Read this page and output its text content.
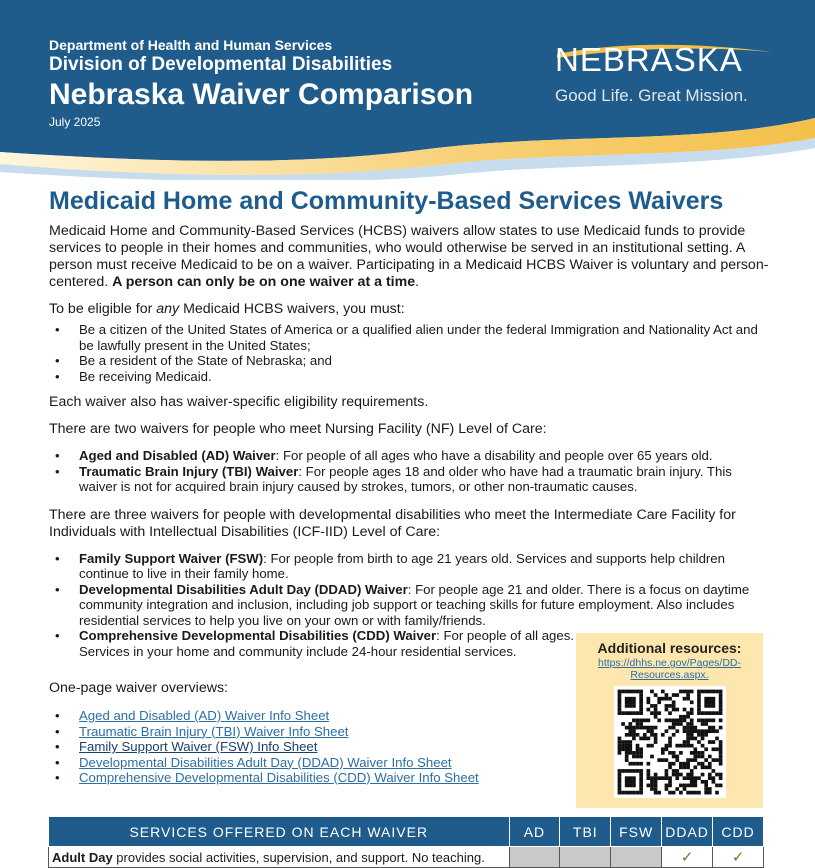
Department of Health and Human Services
Division of Developmental Disabilities
Nebraska Waiver Comparison
July 2025
NEBRASKA
Good Life. Great Mission.
Medicaid Home and Community-Based Services Waivers

Medicaid Home and Community-Based Services (HCBS) waivers allow states to use Medicaid funds to provide services to people in their homes and communities, who would otherwise be served in an institutional setting. A person must receive Medicaid to be on a waiver. Participating in a Medicaid HCBS Waiver is voluntary and person-centered. A person can only be on one waiver at a time.

To be eligible for any Medicaid HCBS waivers, you must:

• Be a citizen of the United States of America or a qualified alien under the federal Immigration and Nationality Act and be lawfully present in the United States;
• Be a resident of the State of Nebraska; and
• Be receiving Medicaid.

Each waiver also has waiver-specific eligibility requirements.

There are two waivers for people who meet Nursing Facility (NF) Level of Care:

• Aged and Disabled (AD) Waiver: For people of all ages who have a disability and people over 65 years old.
• Traumatic Brain Injury (TBI) Waiver: For people ages 18 and older who have had a traumatic brain injury. This waiver is not for acquired brain injury caused by strokes, tumors, or other non-traumatic causes.

There are three waivers for people with developmental disabilities who meet the Intermediate Care Facility for Individuals with Intellectual Disabilities (ICF-IID) Level of Care:

• Family Support Waiver (FSW): For people from birth to age 21 years old. Services and supports help children continue to live in their family home.
• Developmental Disabilities Adult Day (DDAD) Waiver: For people age 21 and older. There is a focus on daytime community integration and inclusion, including job support or teaching skills for future employment. Also includes residential services to help you live on your own or with family/friends.
• Comprehensive Developmental Disabilities (CDD) Waiver: For people of all ages. Services in your home and community include 24-hour residential services.

One-page waiver overviews:

• Aged and Disabled (AD) Waiver Info Sheet
• Traumatic Brain Injury (TBI) Waiver Info Sheet
• Family Support Waiver (FSW) Info Sheet
• Developmental Disabilities Adult Day (DDAD) Waiver Info Sheet
• Comprehensive Developmental Disabilities (CDD) Waiver Info Sheet
Additional resources:
https://dhhs.ne.gov/Pages/DD-Resources.aspx.
SERVICES OFFERED ON EACH WAIVER	AD	TBI	FSW	DDAD	CDD
Adult Day provides social activities, supervision, and support. No teaching.				✓	✓
